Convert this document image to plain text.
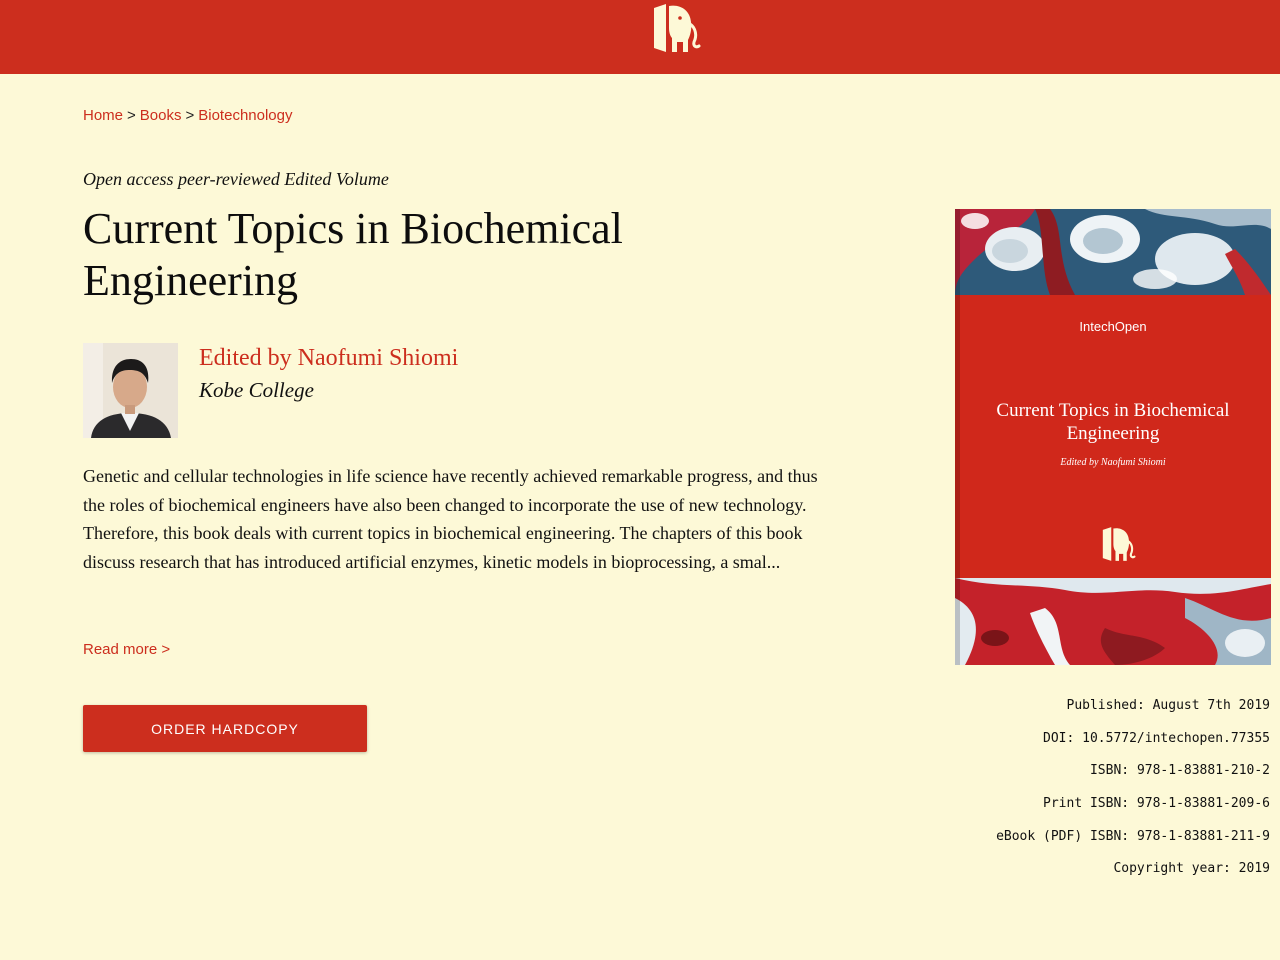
Home > Books > Biotechnology
Open access peer-reviewed Edited Volume
Current Topics in Biochemical Engineering
Edited by Naofumi Shiomi
Kobe College

Genetic and cellular technologies in life science have recently achieved remarkable progress, and thus the roles of biochemical engineers have also been changed to incorporate the use of new technology. Therefore, this book deals with current topics in biochemical engineering. The chapters of this book discuss research that has introduced artificial enzymes, kinetic models in bioprocessing, a smal...

Read more >
ORDER HARDCOPY
IntechOpen
Current Topics in Biochemical Engineering
Edited by Naofumi Shiomi
Published: August 7th 2019
DOI: 10.5772/intechopen.77355
ISBN: 978-1-83881-210-2
Print ISBN: 978-1-83881-209-6
eBook (PDF) ISBN: 978-1-83881-211-9
Copyright year: 2019
